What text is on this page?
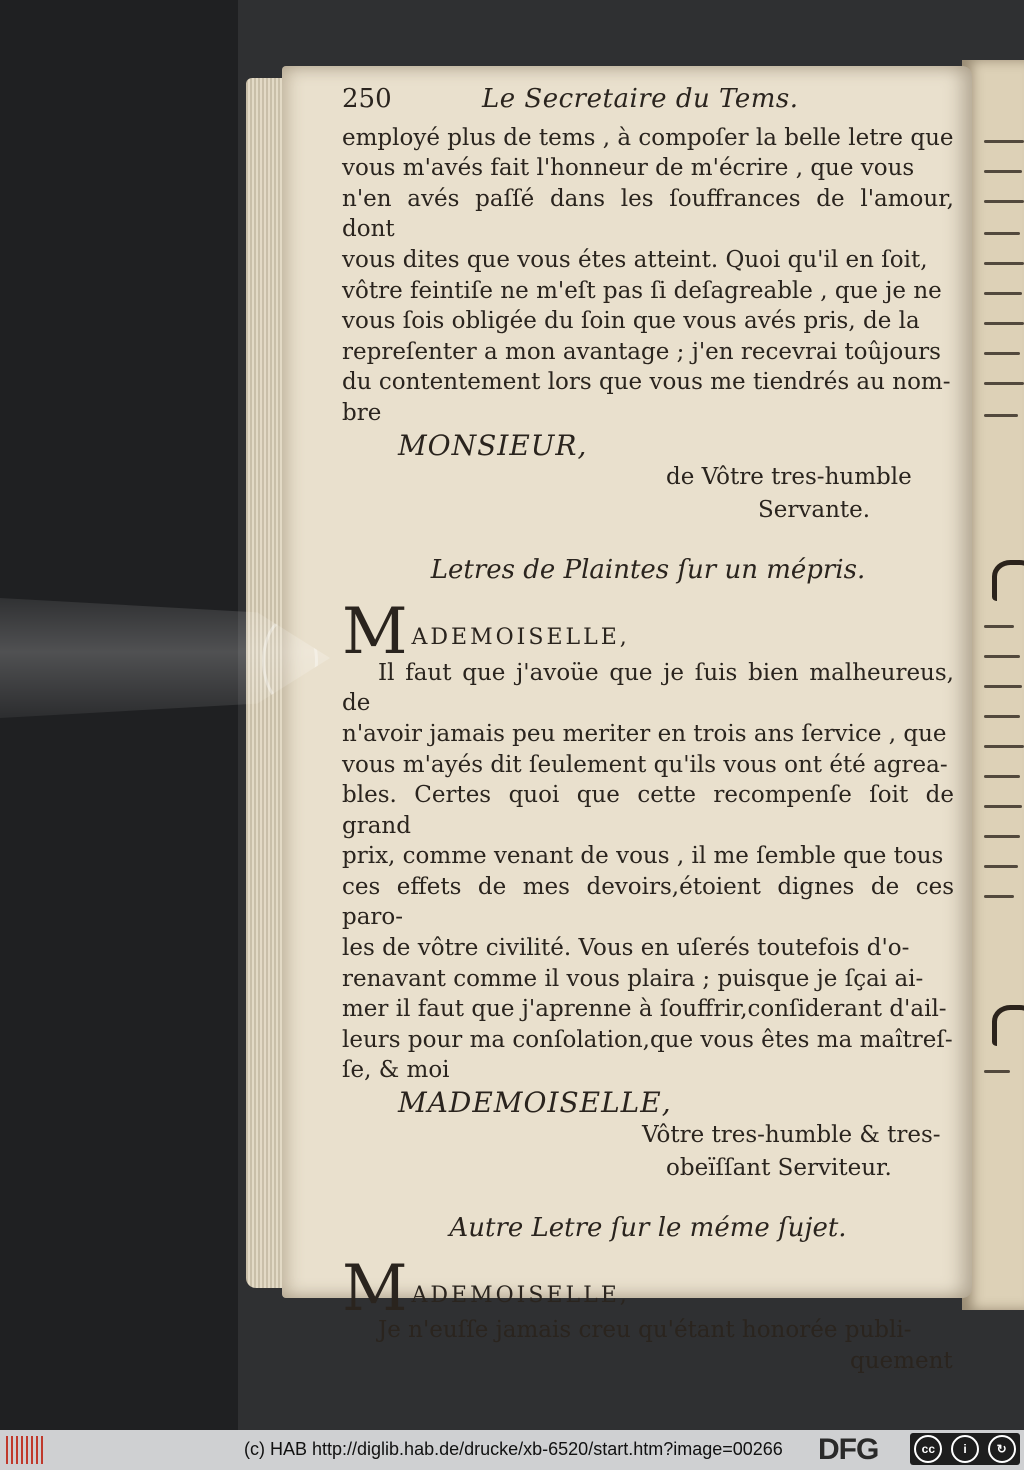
250	Le Secretaire du Tems.
employé plus de tems , à compoſer la belle letre que
vous m'avés fait l'honneur de m'écrire , que vous
n'en avés paſſé dans les ſouffrances de l'amour, dont
vous dites que vous étes atteint. Quoi qu'il en ſoit,
vôtre feintiſe ne m'eſt pas ſi deſagreable , que je ne
vous ſois obligée du ſoin que vous avés pris, de la
repreſenter a mon avantage ; j'en recevrai toûjours
du contentement lors que vous me tiendrés au nom-
bre
MONSIEUR,
de Vôtre tres-humble
Servante.
Letres de Plaintes ſur un mépris.
M ADEMOISELLE,
Il faut que j'avoüe que je ſuis bien malheureus, de
n'avoir jamais peu meriter en trois ans ſervice , que
vous m'ayés dit ſeulement qu'ils vous ont été agrea-
bles. Certes quoi que cette recompenſe ſoit de grand
prix, comme venant de vous , il me ſemble que tous
ces effets de mes devoirs,étoient dignes de ces paro-
les de vôtre civilité. Vous en uſerés toutefois d'o-
renavant comme il vous plaira ; puisque je ſçai ai-
mer il faut que j'aprenne à ſouffrir,conſiderant d'ail-
leurs pour ma conſolation,que vous êtes ma maîtreſ-
ſe, & moi
MADEMOISELLE,
Vôtre tres-humble & tres-
obeïſſant Serviteur.
Autre Letre ſur le méme ſujet.
M ADEMOISELLE,
Je n'euſſe jamais creu qu'étant honorée publi-
quement
(c) HAB http://diglib.hab.de/drucke/xb-6520/start.htm?image=00266 DFG	cc	i	↻
